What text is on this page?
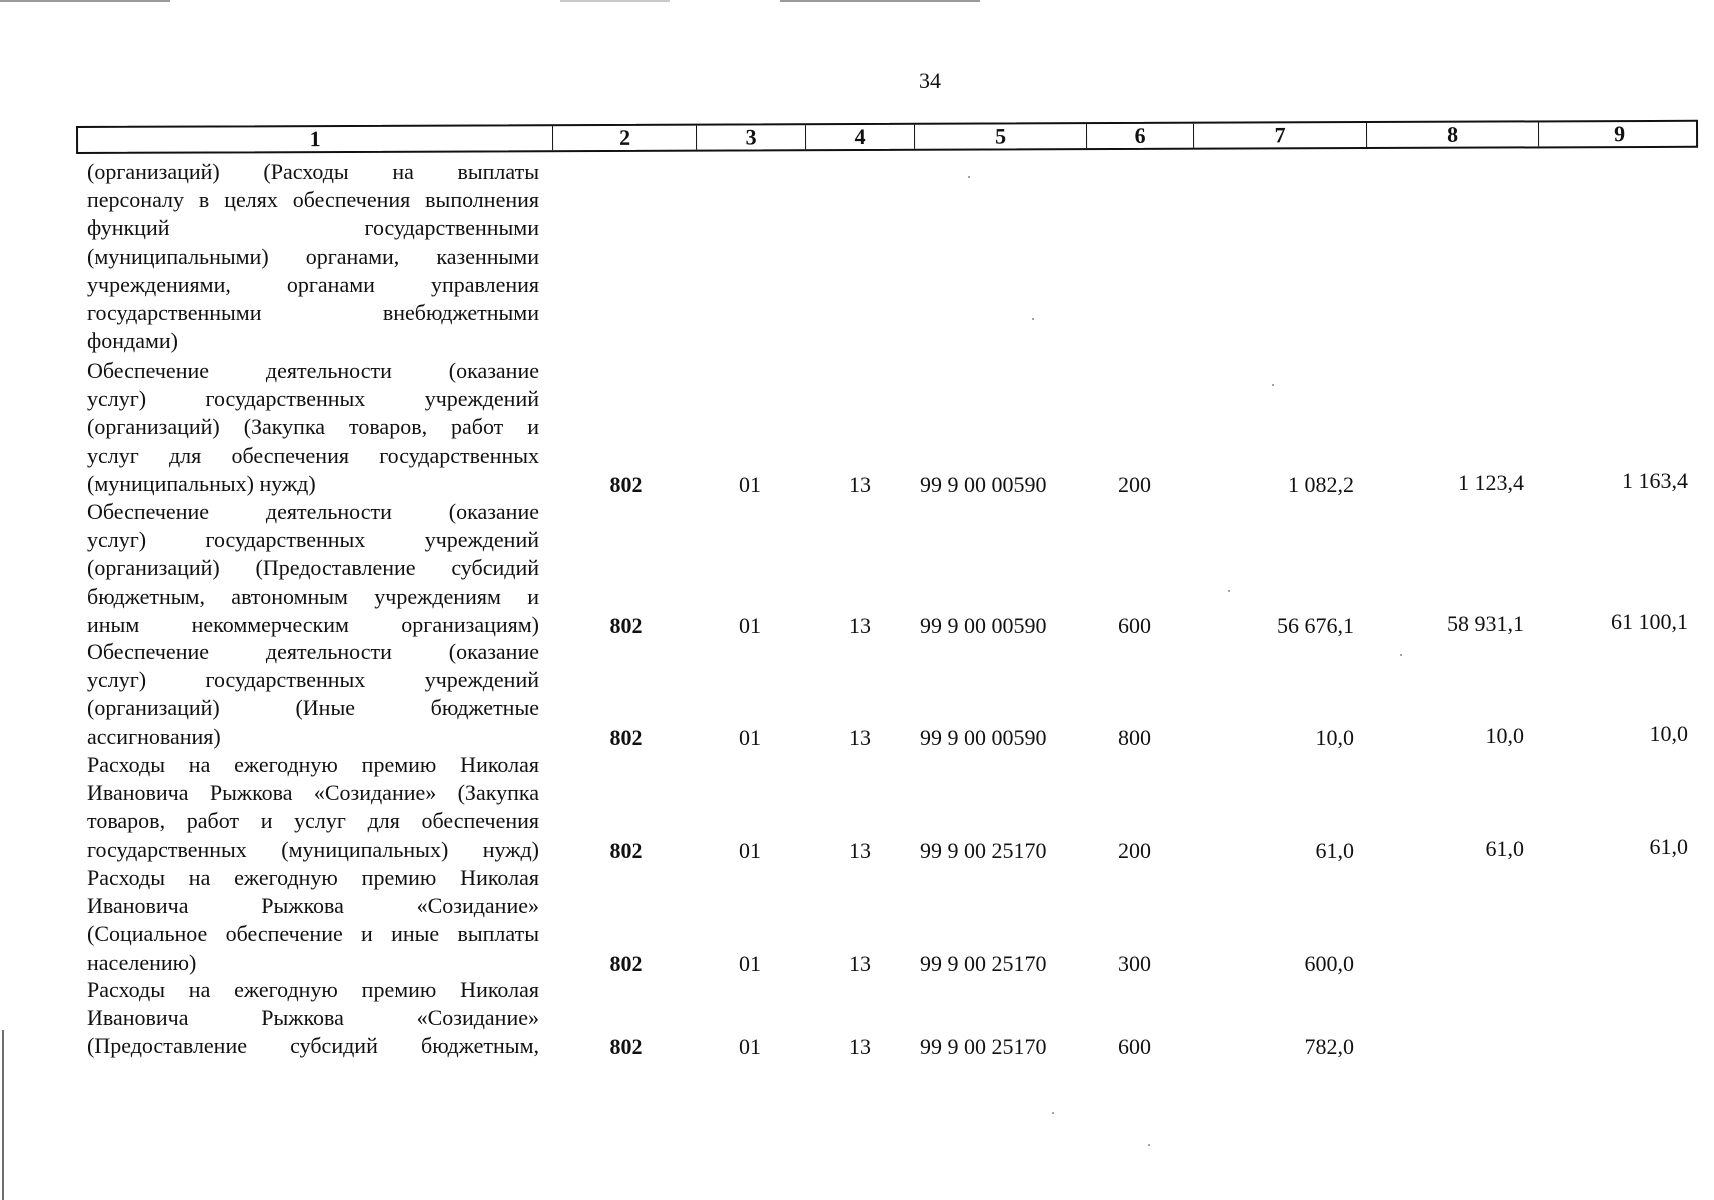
34
1	2	3	4	5	6	7	8	9
(организаций) (Расходы на выплаты
персоналу в целях обеспечения выполнения
функций государственными
(муниципальными) органами, казенными
учреждениями, органами управления
государственными внебюджетными
фондами)
Обеспечение деятельности (оказание
услуг) государственных учреждений
(организаций) (Закупка товаров, работ и
услуг для обеспечения государственных
(муниципальных) нужд)	802	01	13	99 9 00 00590	200	1 082,2	1 123,4	1 163,4
Обеспечение деятельности (оказание
услуг) государственных учреждений
(организаций) (Предоставление субсидий
бюджетным, автономным учреждениям и
иным некоммерческим организациям)	802	01	13	99 9 00 00590	600	56 676,1	58 931,1	61 100,1
Обеспечение деятельности (оказание
услуг) государственных учреждений
(организаций) (Иные бюджетные
ассигнования)	802	01	13	99 9 00 00590	800	10,0	10,0	10,0
Расходы на ежегодную премию Николая
Ивановича Рыжкова «Созидание» (Закупка
товаров, работ и услуг для обеспечения
государственных (муниципальных) нужд)	802	01	13	99 9 00 25170	200	61,0	61,0	61,0
Расходы на ежегодную премию Николая
Ивановича Рыжкова «Созидание»
(Социальное обеспечение и иные выплаты
населению)	802	01	13	99 9 00 25170	300	600,0
Расходы на ежегодную премию Николая
Ивановича Рыжкова «Созидание»
(Предоставление субсидий бюджетным,	802	01	13	99 9 00 25170	600	782,0
